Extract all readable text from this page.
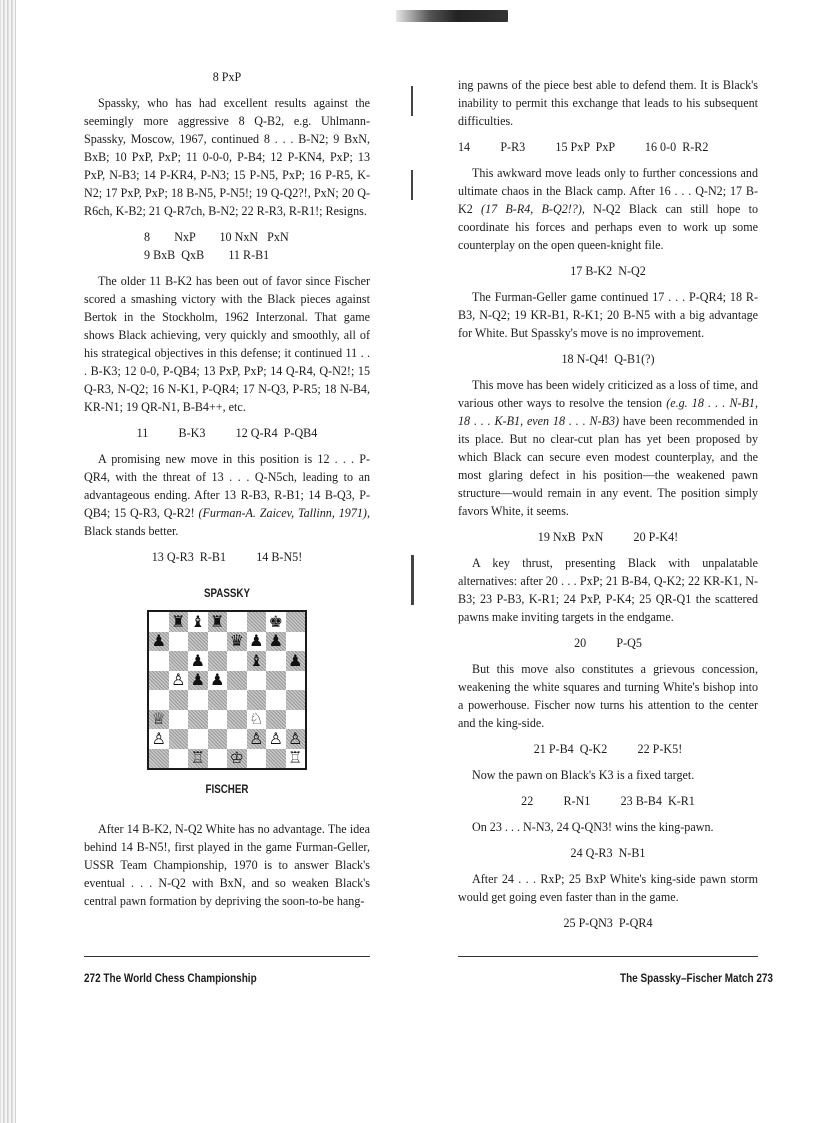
8 PxP

Spassky, who has had excellent results against the seemingly more aggressive 8 Q-B2, e.g. Uhlmann-Spassky, Moscow, 1967, continued 8 . . . B-N2; 9 BxN, BxB; 10 PxP, PxP; 11 0-0-0, P-B4; 12 P-KN4, PxP; 13 PxP, N-B3; 14 P-KR4, P-N3; 15 P-N5, PxP; 16 P-R5, K-N2; 17 PxP, PxP; 18 B-N5, P-N5!; 19 Q-Q2?!, PxN; 20 Q-R6ch, K-B2; 21 Q-R7ch, B-N2; 22 R-R3, R-R1!; Resigns.

8        NxP        10 NxN   PxN

9 BxB  QxB        11 R-B1

The older 11 B-K2 has been out of favor since Fischer scored a smashing victory with the Black pieces against Bertok in the Stockholm, 1962 Interzonal. That game shows Black achieving, very quickly and smoothly, all of his strategical objectives in this defense; it continued 11 . . . B-K3; 12 0-0, P-QB4; 13 PxP, PxP; 14 Q-R4, Q-N2!; 15 Q-R3, N-Q2; 16 N-K1, P-QR4; 17 N-Q3, P-R5; 18 N-B4, KR-N1; 19 QR-N1, B-B4++, etc.

11          B-K3          12 Q-R4  P-QB4

A promising new move in this position is 12 . . . P-QR4, with the threat of 13 . . . Q-N5ch, leading to an advantageous ending. After 13 R-B3, R-B1; 14 B-Q3, P-QB4; 15 Q-R3, Q-R2! (Furman-A. Zaicev, Tallinn, 1971), Black stands better.

13 Q-R3  R-B1          14 B-N5!

SPASSKY

♜ ♝ ♜	♚
♟	♛ ♟ ♟
♟	♝ ♟
♙ ♟ ♟
♕	♘
♙	♙ ♙ ♙
♖ ♔	♖

FISCHER

After 14 B-K2, N-Q2 White has no advantage. The idea behind 14 B-N5!, first played in the game Furman-Geller, USSR Team Championship, 1970 is to answer Black's eventual . . . N-Q2 with BxN, and so weaken Black's central pawn formation by depriving the soon-to-be hang-

ing pawns of the piece best able to defend them. It is Black's inability to permit this exchange that leads to his subsequent difficulties.

14          P-R3          15 PxP  PxP          16 0-0  R-R2

This awkward move leads only to further concessions and ultimate chaos in the Black camp. After 16 . . . Q-N2; 17 B-K2 (17 B-R4, B-Q2!?), N-Q2 Black can still hope to coordinate his forces and perhaps even to work up some counterplay on the open queen-knight file.

17 B-K2  N-Q2

The Furman-Geller game continued 17 . . . P-QR4; 18 R-B3, N-Q2; 19 KR-B1, R-K1; 20 B-N5 with a big advantage for White. But Spassky's move is no improvement.

18 N-Q4!  Q-B1(?)

This move has been widely criticized as a loss of time, and various other ways to resolve the tension (e.g. 18 . . . N-B1, 18 . . . K-B1, even 18 . . . N-B3) have been recommended in its place. But no clear-cut plan has yet been proposed by which Black can secure even modest counterplay, and the most glaring defect in his position—the weakened pawn structure—would remain in any event. The position simply favors White, it seems.

19 NxB  PxN          20 P-K4!

A key thrust, presenting Black with unpalatable alternatives: after 20 . . . PxP; 21 B-B4, Q-K2; 22 KR-K1, N-B3; 23 P-B3, K-R1; 24 PxP, P-K4; 25 QR-Q1 the scattered pawns make inviting targets in the endgame.

20          P-Q5

But this move also constitutes a grievous concession, weakening the white squares and turning White's bishop into a powerhouse. Fischer now turns his attention to the center and the king-side.

21 P-B4  Q-K2          22 P-K5!

Now the pawn on Black's K3 is a fixed target.

22          R-N1          23 B-B4  K-R1

On 23 . . . N-N3, 24 Q-QN3! wins the king-pawn.

24 Q-R3  N-B1

After 24 . . . RxP; 25 BxP White's king-side pawn storm would get going even faster than in the game.

25 P-QN3  P-QR4

272 The World Chess Championship	The Spassky–Fischer Match 273
